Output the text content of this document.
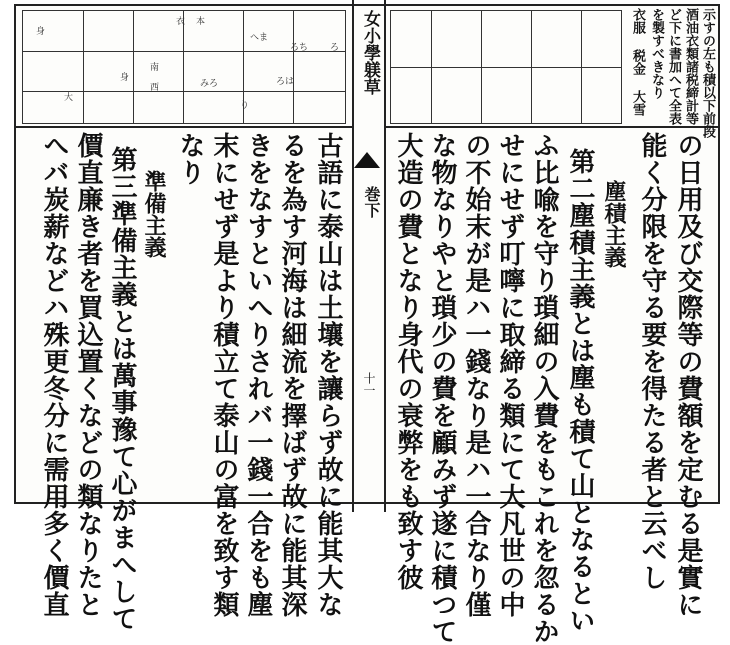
女小學躾草
巻下
十一
示すの左も積以下前段
酒油衣類諸税締計等
ど下に書加へて全表
を製すべきなり
衣服 税金 大雪
の日用及び交際等の費額を定むる是實に
能く分限を守る要を得たる者と云べし
塵積主義
第二塵積主義とは塵も積て山となるとい
ふ比喩を守り瑣細の入費をもこれを忽るか
せにせず叮嚀に取締る類にて大凡世の中
の不始末が是ハ一錢なり是ハ一合なり僅
な物なりやと瑣少の費を顧みず遂に積つて
大造の費となり身代の衰弊をも致す彼
へま
ろち
ろは
みろ
身
南
西
本
衣
身
大
り
ろ
古語に泰山は土壤を讓らず故に能其大な
るを為す河海は細流を擇ばず故に能其深
きをなすといへりされバ一錢一合をも塵
末にせず是より積立て泰山の富を致す類
なり
準備主義
第三準備主義とは萬事豫て心がまへして
價直廉き者を買込置くなどの類なりたと
へバ炭薪などハ殊更冬分に需用多く價直
